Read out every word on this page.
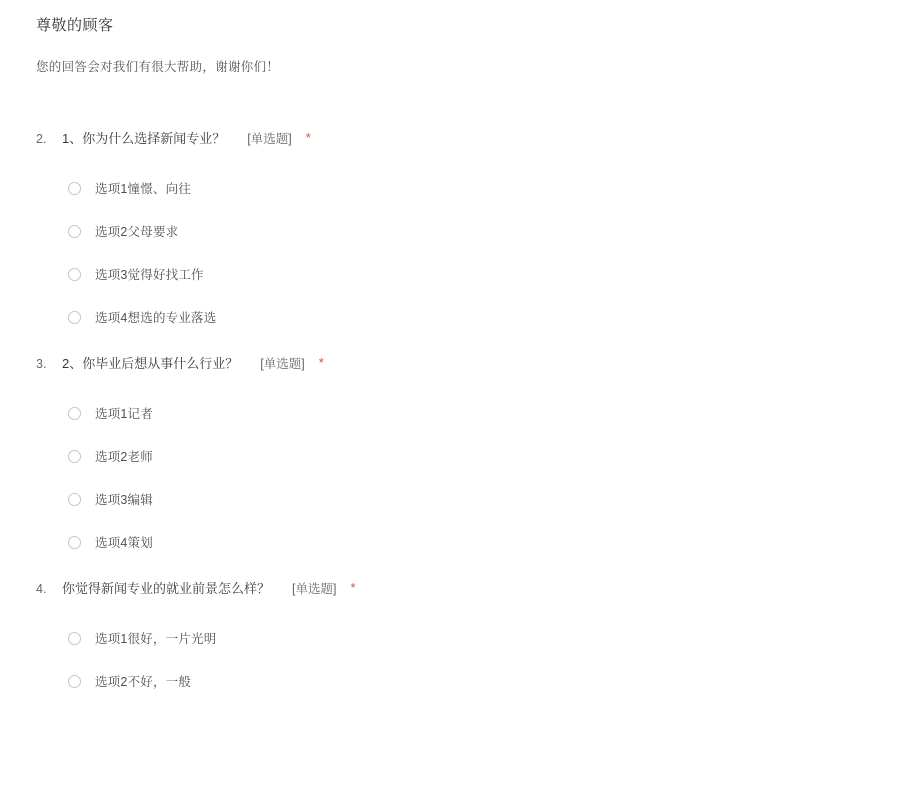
尊敬的顾客
您的回答会对我们有很大帮助，谢谢你们！
2.	1、你为什么选择新闻专业？ [单选题] *
选项1憧憬、向往
选项2父母要求
选项3觉得好找工作
选项4想选的专业落选
3.	2、你毕业后想从事什么行业？ [单选题] *
选项1记者
选项2老师
选项3编辑
选项4策划
4.	你觉得新闻专业的就业前景怎么样？ [单选题] *
选项1很好，一片光明
选项2不好，一般
